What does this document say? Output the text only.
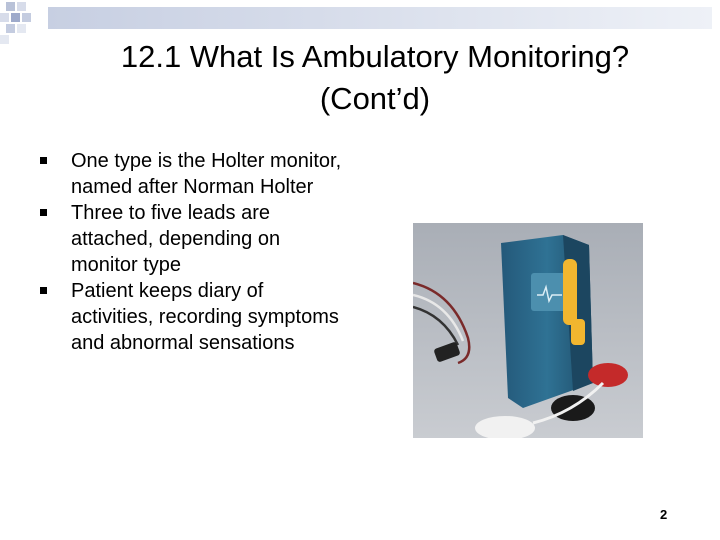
12.1 What Is Ambulatory Monitoring?
(Cont’d)
One type is the Holter monitor, named after Norman Holter
Three to five leads are attached, depending on monitor type
Patient keeps diary of activities, recording symptoms and abnormal sensations
2
